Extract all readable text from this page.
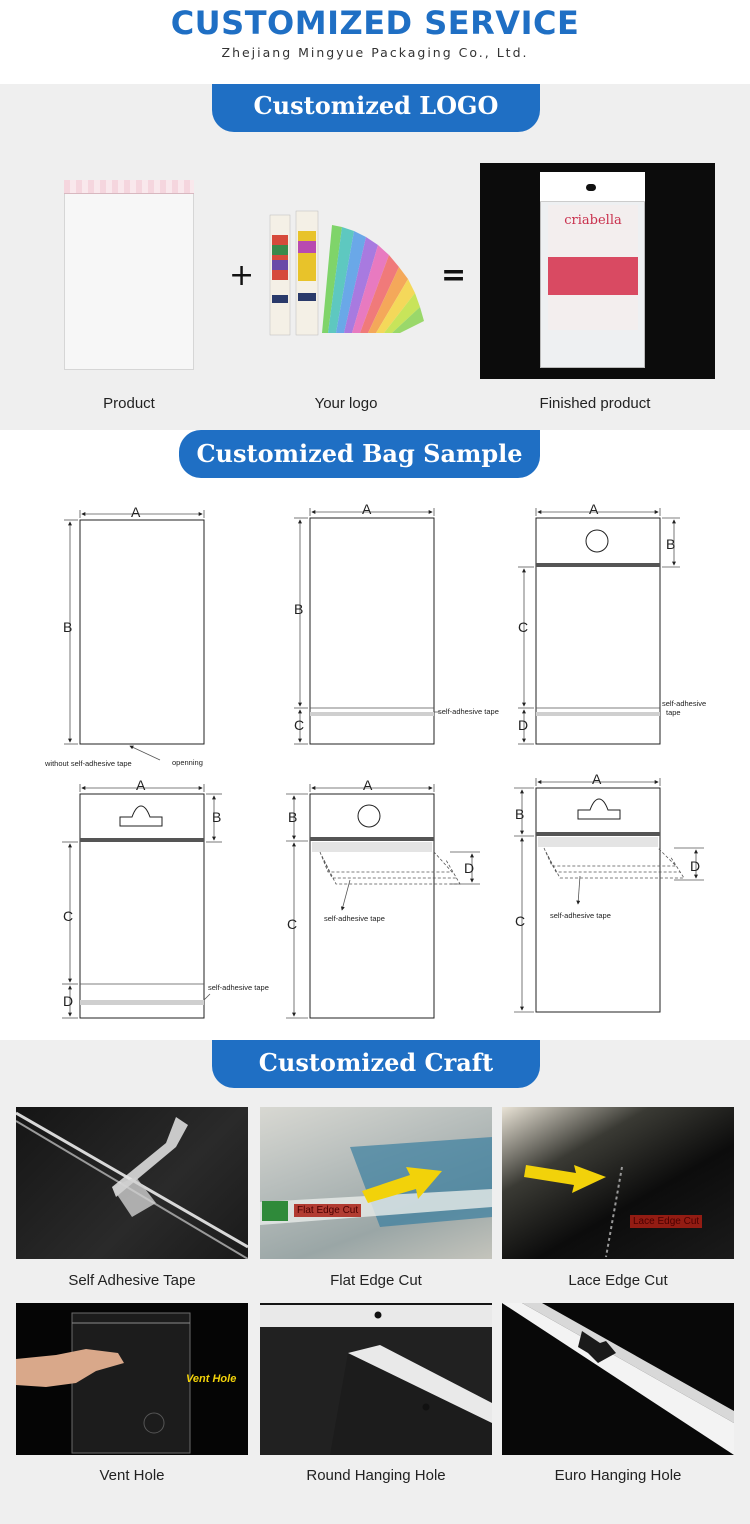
CUSTOMIZED SERVICE
Zhejiang Mingyue Packaging Co., Ltd.
Customized LOGO
+	=
criabella
Product	Your logo	Finished product
Customized Bag Sample
A
B
without self-adhesive tape	openning
A
B
C
self-adhesive tape
A
B
C
D
self-adhesive
tape
A
B
C
D
self-adhesive tape
A
B
C
D
self-adhesive tape
A
B
C
D
self-adhesive tape
Customized Craft
Flat Edge Cut
Lace Edge Cut
Vent Hole
Self Adhesive Tape	Flat Edge Cut	Lace Edge Cut
Vent Hole	Round Hanging Hole	Euro Hanging Hole
